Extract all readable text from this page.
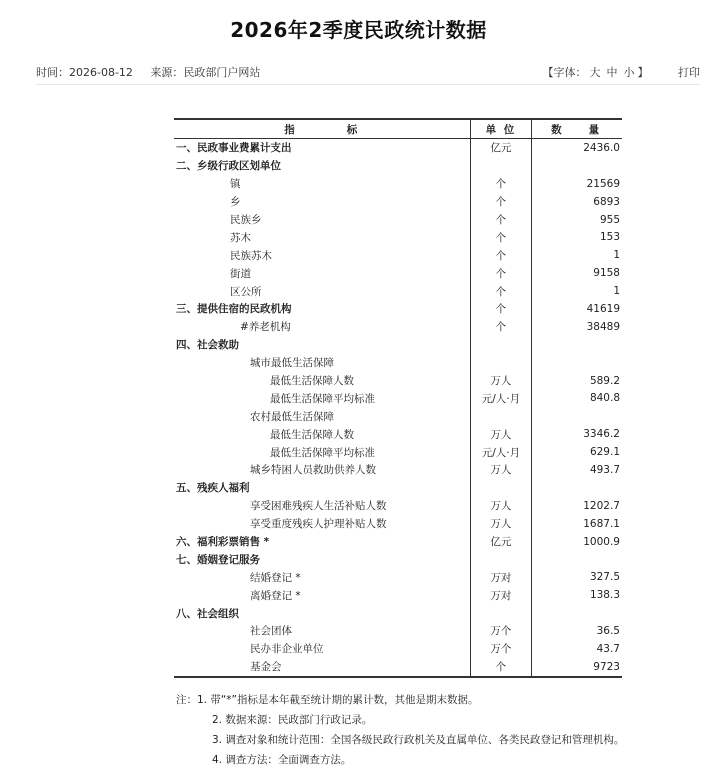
2026年2季度民政统计数据
时间：2026-08-12 来源：民政部门户网站	【字体： 大 中 小 】	打印
指　　　　标	单 位	数　　量
一、民政事业费累计支出	亿元	2436.0
二、乡级行政区划单位		
镇	个	21569
乡	个	6893
民族乡	个	955
苏木	个	153
民族苏木	个	1
街道	个	9158
区公所	个	1
三、提供住宿的民政机构	个	41619
#养老机构	个	38489
四、社会救助		
城市最低生活保障		
最低生活保障人数	万人	589.2
最低生活保障平均标准	元/人·月	840.8
农村最低生活保障		
最低生活保障人数	万人	3346.2
最低生活保障平均标准	元/人·月	629.1
城乡特困人员救助供养人数	万人	493.7
五、残疾人福利		
享受困难残疾人生活补贴人数	万人	1202.7
享受重度残疾人护理补贴人数	万人	1687.1
六、福利彩票销售 *	亿元	1000.9
七、婚姻登记服务		
结婚登记 *	万对	327.5
离婚登记 *	万对	138.3
八、社会组织		
社会团体	万个	36.5
民办非企业单位	万个	43.7
基金会	个	9723
注：1. 带“*”指标是本年截至统计期的累计数，其他是期末数据。
2. 数据来源：民政部门行政记录。
3. 调查对象和统计范围：全国各级民政行政机关及直属单位、各类民政登记和管理机构。
4. 调查方法：全面调查方法。
